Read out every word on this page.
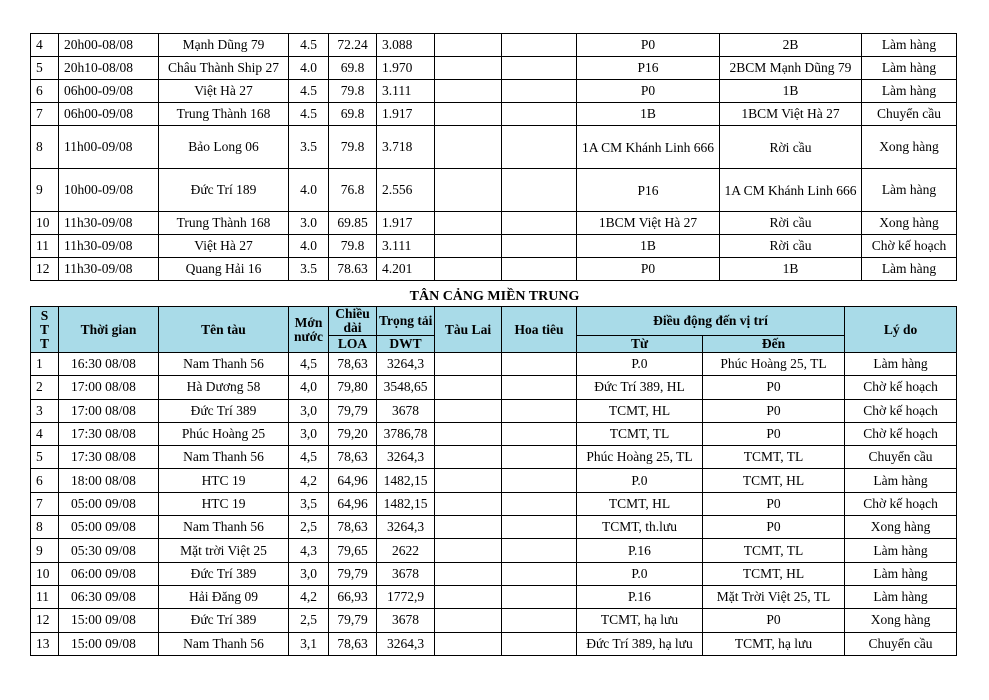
4	20h00-08/08	Mạnh Dũng 79	4.5	72.24	3.088			P0	2B	Làm hàng
5	20h10-08/08	Châu Thành Ship 27	4.0	69.8	1.970			P16	2BCM Mạnh Dũng 79	Làm hàng
6	06h00-09/08	Việt Hà 27	4.5	79.8	3.111			P0	1B	Làm hàng
7	06h00-09/08	Trung Thành 168	4.5	69.8	1.917			1B	1BCM Việt Hà 27	Chuyển cầu
8	11h00-09/08	Bảo Long 06	3.5	79.8	3.718			1A CM Khánh Linh 666	Rời cầu	Xong hàng
9	10h00-09/08	Đức Trí 189	4.0	76.8	2.556			P16	1A CM Khánh Linh 666	Làm hàng
10	11h30-09/08	Trung Thành 168	3.0	69.85	1.917			1BCM Việt Hà 27	Rời cầu	Xong hàng
11	11h30-09/08	Việt Hà 27	4.0	79.8	3.111			1B	Rời cầu	Chờ kế hoạch
12	11h30-09/08	Quang Hải 16	3.5	78.63	4.201			P0	1B	Làm hàng
TÂN CẢNG MIỀN TRUNG
S
T
T	Thời gian	Tên tàu	Mớn nước	Chiều dài	Trọng tải	Tàu Lai	Hoa tiêu	Điều động đến vị trí		Lý do
				LOA	DWT			Từ	Đến	
1	16:30 08/08	Nam Thanh 56	4,5	78,63	3264,3			P.0	Phúc Hoàng 25, TL	Làm hàng
2	17:00 08/08	Hà Dương 58	4,0	79,80	3548,65			Đức Trí 389, HL	P0	Chờ kế hoạch
3	17:00 08/08	Đức Trí 389	3,0	79,79	3678			TCMT, HL	P0	Chờ kế hoạch
4	17:30 08/08	Phúc Hoàng 25	3,0	79,20	3786,78			TCMT, TL	P0	Chờ kế hoạch
5	17:30 08/08	Nam Thanh 56	4,5	78,63	3264,3			Phúc Hoàng 25, TL	TCMT, TL	Chuyển cầu
6	18:00 08/08	HTC 19	4,2	64,96	1482,15			P.0	TCMT, HL	Làm hàng
7	05:00 09/08	HTC 19	3,5	64,96	1482,15			TCMT, HL	P0	Chờ kế hoạch
8	05:00 09/08	Nam Thanh 56	2,5	78,63	3264,3			TCMT, th.lưu	P0	Xong hàng
9	05:30 09/08	Mặt trời Việt 25	4,3	79,65	2622			P.16	TCMT, TL	Làm hàng
10	06:00 09/08	Đức Trí 389	3,0	79,79	3678			P.0	TCMT, HL	Làm hàng
11	06:30 09/08	Hải Đăng 09	4,2	66,93	1772,9			P.16	Mặt Trời Việt 25, TL	Làm hàng
12	15:00 09/08	Đức Trí 389	2,5	79,79	3678			TCMT, hạ lưu	P0	Xong hàng
13	15:00 09/08	Nam Thanh 56	3,1	78,63	3264,3			Đức Trí 389, hạ lưu	TCMT, hạ lưu	Chuyển cầu
